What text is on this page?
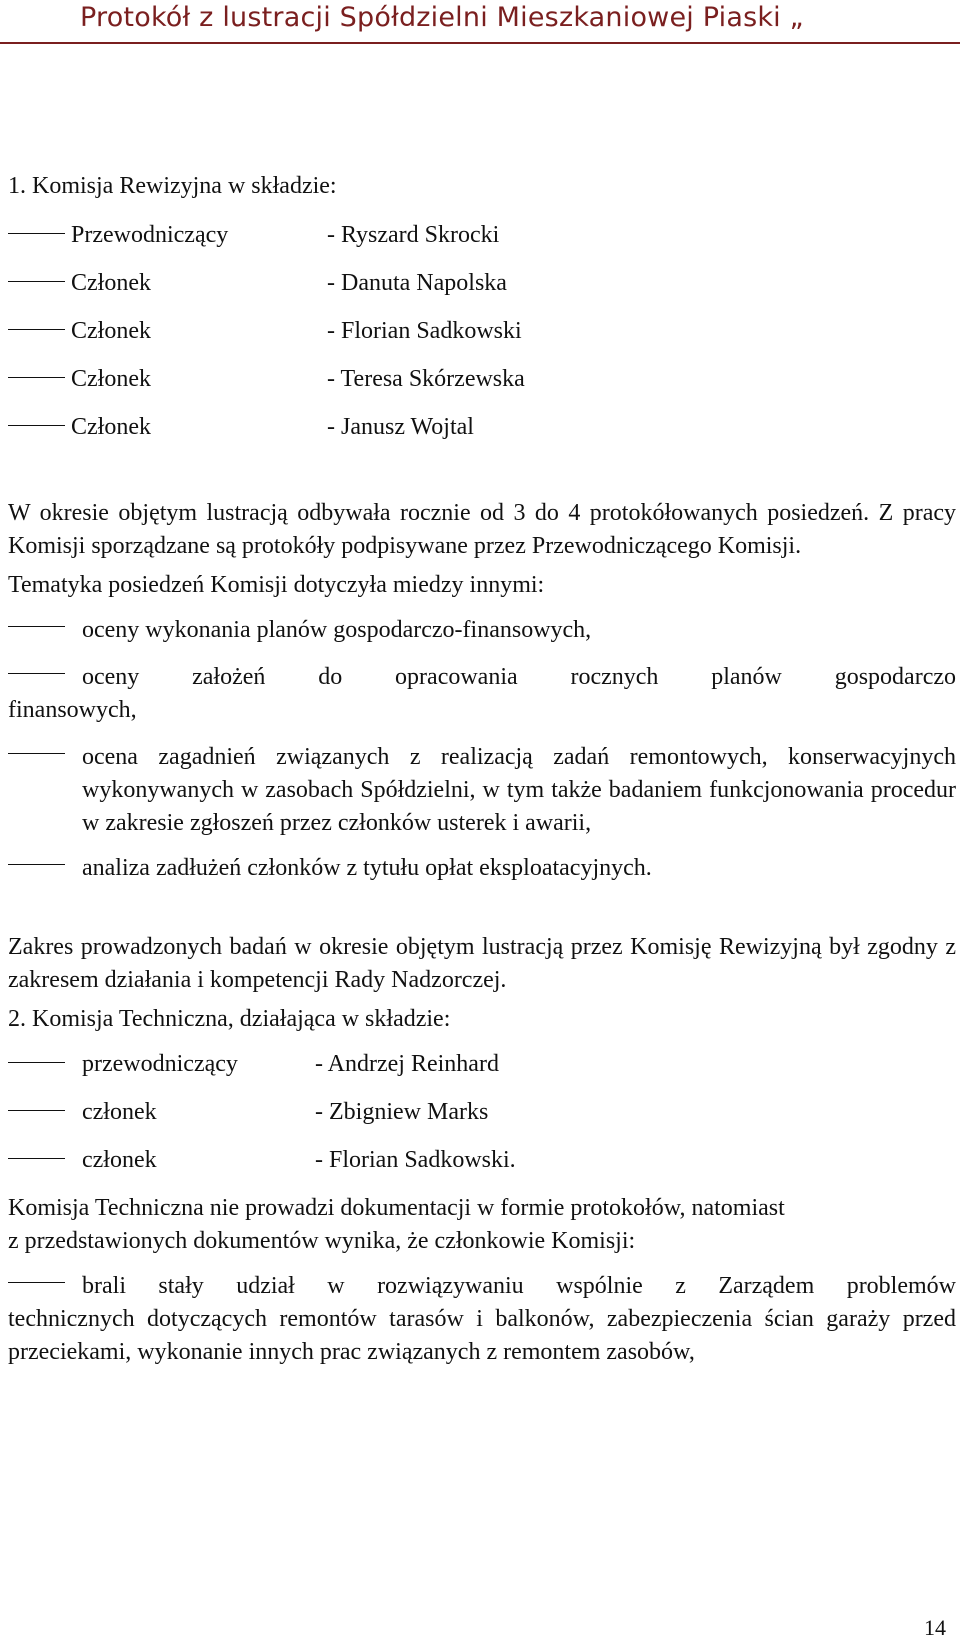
Protokół z lustracji Spółdzielni Mieszkaniowej Piaski „

1. Komisja Rewizyjna w składzie:

Przewodniczący	- Ryszard Skrocki
Członek	- Danuta Napolska
Członek	- Florian Sadkowski
Członek	- Teresa Skórzewska
Członek	- Janusz Wojtal

W okresie objętym lustracją odbywała rocznie od 3 do 4 protokółowanych posiedzeń. Z pracy Komisji sporządzane są protokóły podpisywane przez Przewodniczącego Komisji.

Tematyka posiedzeń Komisji dotyczyła miedzy innymi:

oceny wykonania planów gospodarczo-finansowych,
oceny założeń do opracowania rocznych planów gospodarczo
finansowych,
ocena zagadnień związanych z realizacją zadań remontowych, konserwacyjnych wykonywanych w zasobach Spółdzielni, w tym także badaniem funkcjonowania procedur w zakresie zgłoszeń przez członków usterek i awarii,
analiza zadłużeń członków z tytułu opłat eksploatacyjnych.

Zakres prowadzonych badań w okresie objętym lustracją przez Komisję Rewizyjną był zgodny z zakresem działania i kompetencji Rady Nadzorczej.

2. Komisja Techniczna, działająca w składzie:

przewodniczący	- Andrzej Reinhard
członek	- Zbigniew Marks
członek	- Florian Sadkowski.

Komisja Techniczna nie prowadzi dokumentacji w formie protokołów, natomiast

z przedstawionych dokumentów wynika, że członkowie Komisji:

brali stały udział w rozwiązywaniu wspólnie z Zarządem problemów
technicznych dotyczących remontów tarasów i balkonów, zabezpieczenia ścian garaży przed przeciekami, wykonanie innych prac związanych z remontem zasobów,
14
